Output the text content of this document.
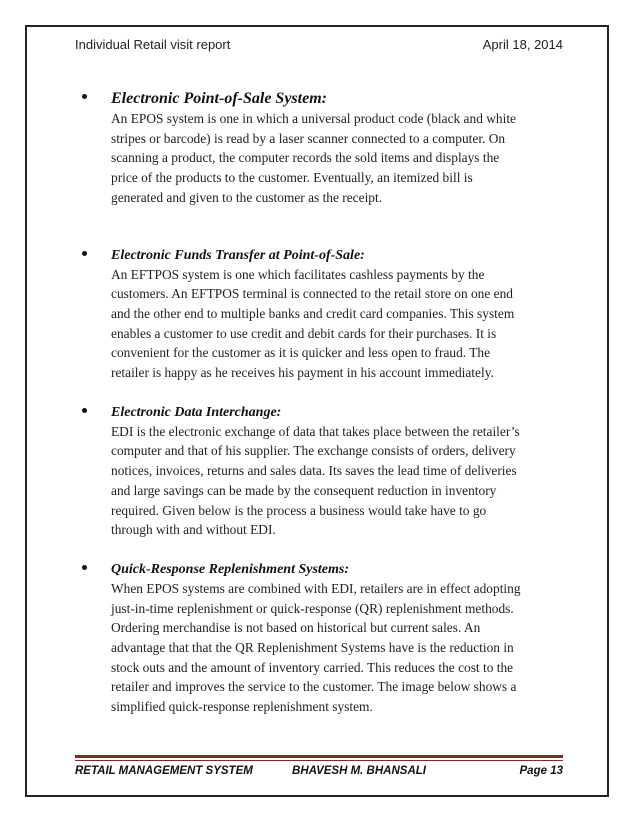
Individual Retail visit report	April 18, 2014
Electronic Point-of-Sale System:
An EPOS system is one in which a universal product code (black and white
stripes or barcode) is read by a laser scanner connected to a computer. On
scanning a product, the computer records the sold items and displays the
price of the products to the customer. Eventually, an itemized bill is
generated and given to the customer as the receipt.
Electronic Funds Transfer at Point-of-Sale:
An EFTPOS system is one which facilitates cashless payments by the
customers. An EFTPOS terminal is connected to the retail store on one end
and the other end to multiple banks and credit card companies. This system
enables a customer to use credit and debit cards for their purchases. It is
convenient for the customer as it is quicker and less open to fraud. The
retailer is happy as he receives his payment in his account immediately.
Electronic Data Interchange:
EDI is the electronic exchange of data that takes place between the retailer’s
computer and that of his supplier. The exchange consists of orders, delivery
notices, invoices, returns and sales data. Its saves the lead time of deliveries
and large savings can be made by the consequent reduction in inventory
required. Given below is the process a business would take have to go
through with and without EDI.
Quick-Response Replenishment Systems:
When EPOS systems are combined with EDI, retailers are in effect adopting
just-in-time replenishment or quick-response (QR) replenishment methods.
Ordering merchandise is not based on historical but current sales. An
advantage that that the QR Replenishment Systems have is the reduction in
stock outs and the amount of inventory carried. This reduces the cost to the
retailer and improves the service to the customer. The image below shows a
simplified quick-response replenishment system.
RETAIL MANAGEMENT SYSTEM	BHAVESH M. BHANSALI	Page 13
